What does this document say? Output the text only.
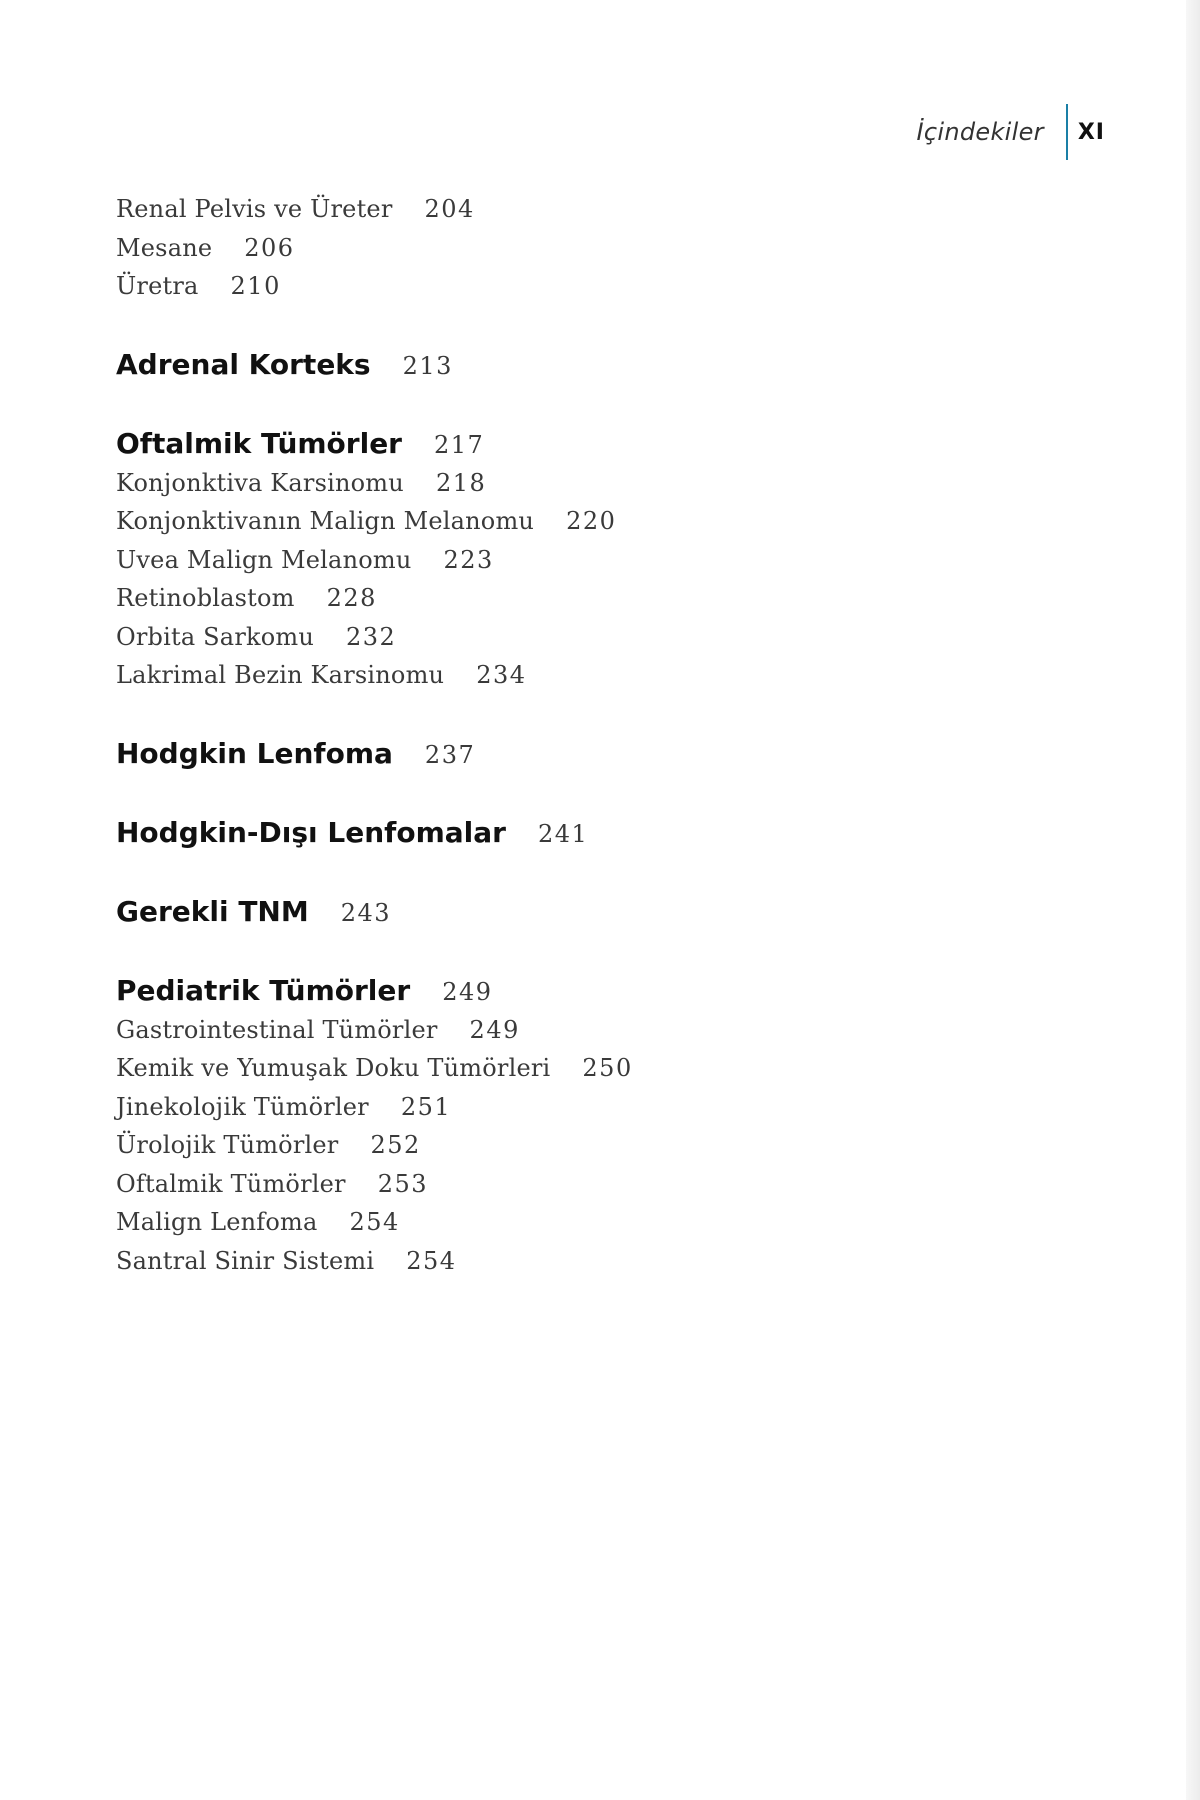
İçindekiler XI
Renal Pelvis ve Üreter 204
Mesane 206
Üretra 210
Adrenal Korteks 213
Oftalmik Tümörler 217
Konjonktiva Karsinomu 218
Konjonktivanın Malign Melanomu 220
Uvea Malign Melanomu 223
Retinoblastom 228
Orbita Sarkomu 232
Lakrimal Bezin Karsinomu 234
Hodgkin Lenfoma 237
Hodgkin-Dışı Lenfomalar 241
Gerekli TNM 243
Pediatrik Tümörler 249
Gastrointestinal Tümörler 249
Kemik ve Yumuşak Doku Tümörleri 250
Jinekolojik Tümörler 251
Ürolojik Tümörler 252
Oftalmik Tümörler 253
Malign Lenfoma 254
Santral Sinir Sistemi 254
